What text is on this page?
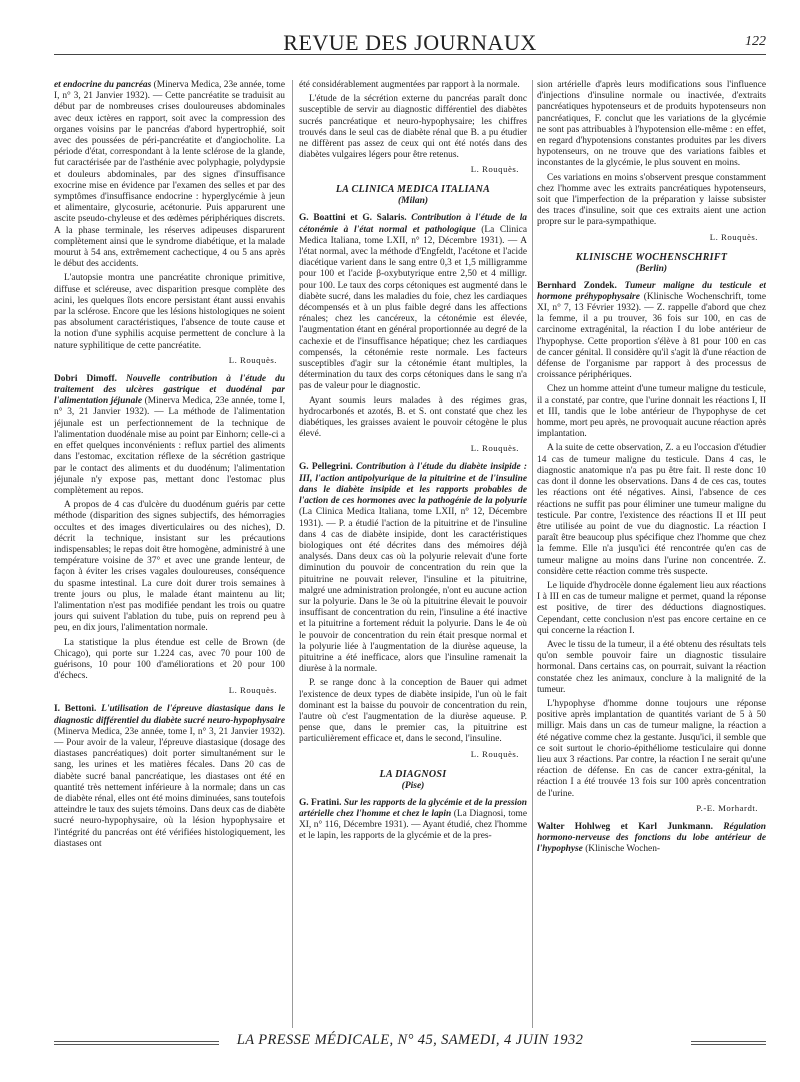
REVUE DES JOURNAUX	122

et endocrine du pancréas (Minerva Medica, 23e année, tome I, n° 3, 21 Janvier 1932). — Cette pancréatite se traduisit au début par de nombreuses crises douloureuses abdominales avec deux ictères en rapport, soit avec la compression des organes voisins par le pancréas d'abord hypertrophié, soit avec des poussées de péri-pancréatite et d'angiocholite. La période d'état, correspondant à la lente sclérose de la glande, fut caractérisée par de l'asthénie avec polyphagie, polydypsie et douleurs abdominales, par des signes d'insuffisance exocrine mise en évidence par l'examen des selles et par des symptômes d'insuffisance endocrine : hyperglycémie à jeun et alimentaire, glycosurie, acétonurie. Puis apparurent une ascite pseudo-chyleuse et des œdèmes périphériques discrets. A la phase terminale, les réserves adipeuses disparurent complètement ainsi que le syndrome diabétique, et la malade mourut à 54 ans, extrêmement cachectique, 4 ou 5 ans après le début des accidents.

L'autopsie montra une pancréatite chronique primitive, diffuse et scléreuse, avec disparition presque complète des acini, les quelques îlots encore persistant étant aussi envahis par la sclérose. Encore que les lésions histologiques ne soient pas absolument caractéristiques, l'absence de toute cause et la notion d'une syphilis acquise permettent de conclure à la nature syphilitique de cette pancréatite.

L. Rouquès.

Dobri Dimoff. Nouvelle contribution à l'étude du traitement des ulcères gastrique et duodénal par l'alimentation jéjunale (Minerva Medica, 23e année, tome I, n° 3, 21 Janvier 1932). — La méthode de l'alimentation jéjunale est un perfectionnement de la technique de l'alimentation duodénale mise au point par Einhorn; celle-ci a en effet quelques inconvénients : reflux partiel des aliments dans l'estomac, excitation réflexe de la sécrétion gastrique par le contact des aliments et du duodénum; l'alimentation jéjunale n'y expose pas, mettant donc l'estomac plus complètement au repos.

A propos de 4 cas d'ulcère du duodénum guéris par cette méthode (disparition des signes subjectifs, des hémorragies occultes et des images diverticulaires ou des niches), D. décrit la technique, insistant sur les précautions indispensables; le repas doit être homogène, administré à une température voisine de 37° et avec une grande lenteur, de façon à éviter les crises vagales douloureuses, conséquence du spasme intestinal. La cure doit durer trois semaines à trente jours ou plus, le malade étant maintenu au lit; l'alimentation n'est pas modifiée pendant les trois ou quatre jours qui suivent l'ablation du tube, puis on reprend peu à peu, en dix jours, l'alimentation normale.

La statistique la plus étendue est celle de Brown (de Chicago), qui porte sur 1.224 cas, avec 70 pour 100 de guérisons, 10 pour 100 d'améliorations et 20 pour 100 d'échecs.

L. Rouquès.

I. Bettoni. L'utilisation de l'épreuve diastasique dans le diagnostic différentiel du diabète sucré neuro-hypophysaire (Minerva Medica, 23e année, tome I, n° 3, 21 Janvier 1932). — Pour avoir de la valeur, l'épreuve diastasique (dosage des diastases pancréatiques) doit porter simultanément sur le sang, les urines et les matières fécales. Dans 20 cas de diabète sucré banal pancréatique, les diastases ont été en quantité très nettement inférieure à la normale; dans un cas de diabète rénal, elles ont été moins diminuées, sans toutefois atteindre le taux des sujets témoins. Dans deux cas de diabète sucré neuro-hypophysaire, où la lésion hypophysaire et l'intégrité du pancréas ont été vérifiées histologiquement, les diastases ont

été considérablement augmentées par rapport à la normale.

L'étude de la sécrétion externe du pancréas paraît donc susceptible de servir au diagnostic différentiel des diabètes sucrés pancréatique et neuro-hypophysaire; les chiffres trouvés dans le seul cas de diabète rénal que B. a pu étudier ne diffèrent pas assez de ceux qui ont été notés dans des diabètes vulgaires légers pour être retenus.

L. Rouquès.
LA CLINICA MEDICA ITALIANA
(Milan)

G. Boattini et G. Salaris. Contribution à l'étude de la cétonémie à l'état normal et pathologique (La Clinica Medica Italiana, tome LXII, n° 12, Décembre 1931). — A l'état normal, avec la méthode d'Engfeldt, l'acétone et l'acide diacétique varient dans le sang entre 0,3 et 1,5 milligramme pour 100 et l'acide β-oxybutyrique entre 2,50 et 4 milligr. pour 100. Le taux des corps cétoniques est augmenté dans le diabète sucré, dans les maladies du foie, chez les cardiaques décompensés et à un plus faible degré dans les affections rénales; chez les cancéreux, la cétonémie est élevée, l'augmentation étant en général proportionnée au degré de la cachexie et de l'insuffisance hépatique; chez les cardiaques compensés, la cétonémie reste normale. Les facteurs susceptibles d'agir sur la cétonémie étant multiples, la détermination du taux des corps cétoniques dans le sang n'a pas de valeur pour le diagnostic.

Ayant soumis leurs malades à des régimes gras, hydrocarbonés et azotés, B. et S. ont constaté que chez les diabétiques, les graisses avaient le pouvoir cétogène le plus élevé.

L. Rouquès.

G. Pellegrini. Contribution à l'étude du diabète insipide : III, l'action antipolyurique de la pituitrine et de l'insuline dans le diabète insipide et les rapports probables de l'action de ces hormones avec la pathogénie de la polyurie (La Clinica Medica Italiana, tome LXII, n° 12, Décembre 1931). — P. a étudié l'action de la pituitrine et de l'insuline dans 4 cas de diabète insipide, dont les caractéristiques biologiques ont été décrites dans des mémoires déjà analysés. Dans deux cas où la polyurie relevait d'une forte diminution du pouvoir de concentration du rein que la pituitrine ne pouvait relever, l'insuline et la pituitrine, malgré une administration prolongée, n'ont eu aucune action sur la polyurie. Dans le 3e où la pituitrine élevait le pouvoir insuffisant de concentration du rein, l'insuline a été inactive et la pituitrine a fortement réduit la polyurie. Dans le 4e où le pouvoir de concentration du rein était presque normal et la polyurie liée à l'augmentation de la diurèse aqueuse, la pituitrine a été inefficace, alors que l'insuline ramenait la diurèse à la normale.

P. se range donc à la conception de Bauer qui admet l'existence de deux types de diabète insipide, l'un où le fait dominant est la baisse du pouvoir de concentration du rein, l'autre où c'est l'augmentation de la diurèse aqueuse. P. pense que, dans le premier cas, la pituitrine est particulièrement efficace et, dans le second, l'insuline.

L. Rouquès.
LA DIAGNOSI
(Pise)

G. Fratini. Sur les rapports de la glycémie et de la pression artérielle chez l'homme et chez le lapin (La Diagnosi, tome XI, n° 116, Décembre 1931). — Ayant étudié, chez l'homme et le lapin, les rapports de la glycémie et de la pres-

sion artérielle d'après leurs modifications sous l'influence d'injections d'insuline normale ou inactivée, d'extraits pancréatiques hypotenseurs et de produits hypotenseurs non pancréatiques, F. conclut que les variations de la glycémie ne sont pas attribuables à l'hypotension elle-même : en effet, en regard d'hypotensions constantes produites par les divers hypotenseurs, on ne trouve que des variations faibles et inconstantes de la glycémie, le plus souvent en moins.

Ces variations en moins s'observent presque constamment chez l'homme avec les extraits pancréatiques hypotenseurs, soit que l'imperfection de la préparation y laisse subsister des traces d'insuline, soit que ces extraits aient une action propre sur le para-sympathique.

L. Rouquès.
KLINISCHE WOCHENSCHRIFT
(Berlin)

Bernhard Zondek. Tumeur maligne du testicule et hormone préhypophysaire (Klinische Wochenschrift, tome XI, n° 7, 13 Février 1932). — Z. rappelle d'abord que chez la femme, il a pu trouver, 36 fois sur 100, en cas de carcinome extragénital, la réaction I du lobe antérieur de l'hypophyse. Cette proportion s'élève à 81 pour 100 en cas de cancer génital. Il considère qu'il s'agit là d'une réaction de défense de l'organisme par rapport à des processus de croissance périphériques.

Chez un homme atteint d'une tumeur maligne du testicule, il a constaté, par contre, que l'urine donnait les réactions I, II et III, tandis que le lobe antérieur de l'hypophyse de cet homme, mort peu après, ne provoquait aucune réaction après implantation.

A la suite de cette observation, Z. a eu l'occasion d'étudier 14 cas de tumeur maligne du testicule. Dans 4 cas, le diagnostic anatomique n'a pas pu être fait. Il reste donc 10 cas dont il donne les observations. Dans 4 de ces cas, toutes les réactions ont été négatives. Ainsi, l'absence de ces réactions ne suffit pas pour éliminer une tumeur maligne du testicule. Par contre, l'existence des réactions II et III peut être utilisée au point de vue du diagnostic. La réaction I paraît être beaucoup plus spécifique chez l'homme que chez la femme. Elle n'a jusqu'ici été rencontrée qu'en cas de tumeur maligne au moins dans l'urine non concentrée. Z. considère cette réaction comme très suspecte.

Le liquide d'hydrocèle donne également lieu aux réactions I à III en cas de tumeur maligne et permet, quand la réponse est positive, de tirer des déductions diagnostiques. Cependant, cette conclusion n'est pas encore certaine en ce qui concerne la réaction I.

Avec le tissu de la tumeur, il a été obtenu des résultats tels qu'on semble pouvoir faire un diagnostic tissulaire hormonal. Dans certains cas, on pourrait, suivant la réaction constatée chez les animaux, conclure à la malignité de la tumeur.

L'hypophyse d'homme donne toujours une réponse positive après implantation de quantités variant de 5 à 50 milligr. Mais dans un cas de tumeur maligne, la réaction a été négative comme chez la gestante. Jusqu'ici, il semble que ce soit surtout le chorio-épithéliome testiculaire qui donne lieu aux 3 réactions. Par contre, la réaction I ne serait qu'une réaction de défense. En cas de cancer extra-génital, la réaction I a été trouvée 13 fois sur 100 après concentration de l'urine.

P.-E. Morhardt.

Walter Hohlweg et Karl Junkmann. Régulation hormono-nerveuse des fonctions du lobe antérieur de l'hypophyse (Klinische Wochen-

LA PRESSE MÉDICALE, N° 45, SAMEDI, 4 JUIN 1932
